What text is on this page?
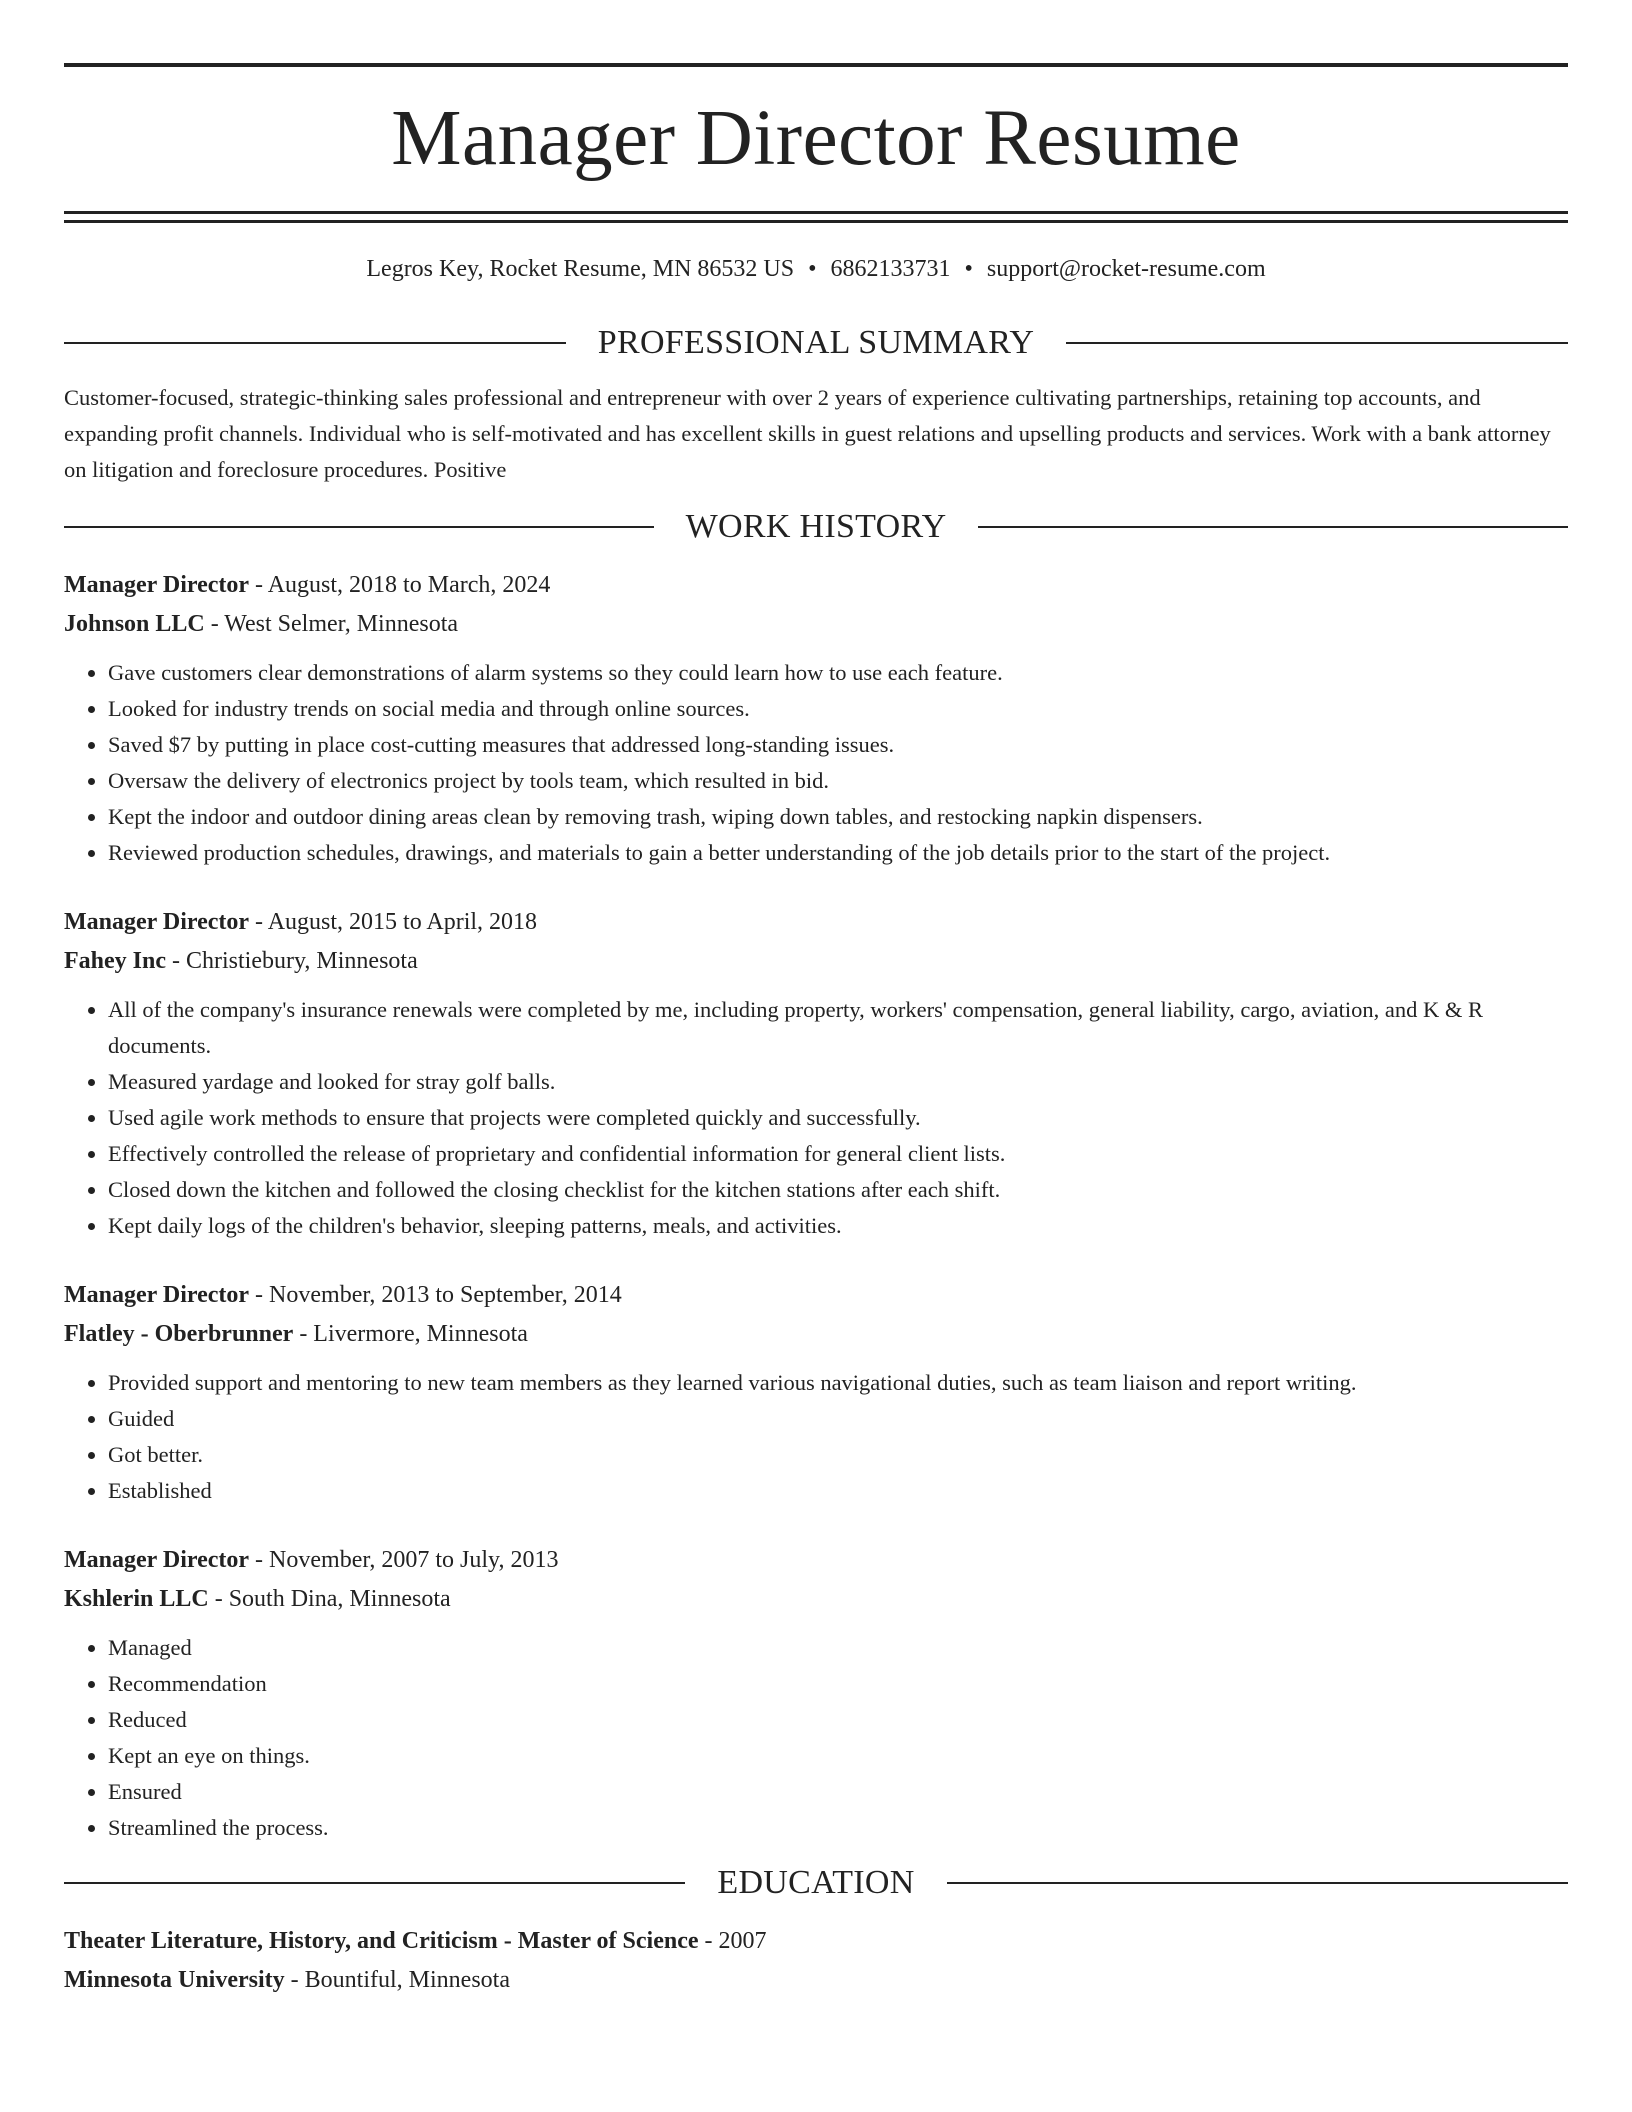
Manager Director Resume
Legros Key, Rocket Resume, MN 86532 US • 6862133731 • support@rocket-resume.com
PROFESSIONAL SUMMARY
Customer-focused, strategic-thinking sales professional and entrepreneur with over 2 years of experience cultivating partnerships, retaining top accounts, and expanding profit channels. Individual who is self-motivated and has excellent skills in guest relations and upselling products and services. Work with a bank attorney on litigation and foreclosure procedures. Positive
WORK HISTORY
Manager Director - August, 2018 to March, 2024
Johnson LLC - West Selmer, Minnesota
• Gave customers clear demonstrations of alarm systems so they could learn how to use each feature.
• Looked for industry trends on social media and through online sources.
• Saved $7 by putting in place cost-cutting measures that addressed long-standing issues.
• Oversaw the delivery of electronics project by tools team, which resulted in bid.
• Kept the indoor and outdoor dining areas clean by removing trash, wiping down tables, and restocking napkin dispensers.
• Reviewed production schedules, drawings, and materials to gain a better understanding of the job details prior to the start of the project.
Manager Director - August, 2015 to April, 2018
Fahey Inc - Christiebury, Minnesota
• All of the company's insurance renewals were completed by me, including property, workers' compensation, general liability, cargo, aviation, and K & R documents.
• Measured yardage and looked for stray golf balls.
• Used agile work methods to ensure that projects were completed quickly and successfully.
• Effectively controlled the release of proprietary and confidential information for general client lists.
• Closed down the kitchen and followed the closing checklist for the kitchen stations after each shift.
• Kept daily logs of the children's behavior, sleeping patterns, meals, and activities.
Manager Director - November, 2013 to September, 2014
Flatley - Oberbrunner - Livermore, Minnesota
• Provided support and mentoring to new team members as they learned various navigational duties, such as team liaison and report writing.
• Guided
• Got better.
• Established
Manager Director - November, 2007 to July, 2013
Kshlerin LLC - South Dina, Minnesota
• Managed
• Recommendation
• Reduced
• Kept an eye on things.
• Ensured
• Streamlined the process.
EDUCATION
Theater Literature, History, and Criticism - Master of Science - 2007
Minnesota University - Bountiful, Minnesota
